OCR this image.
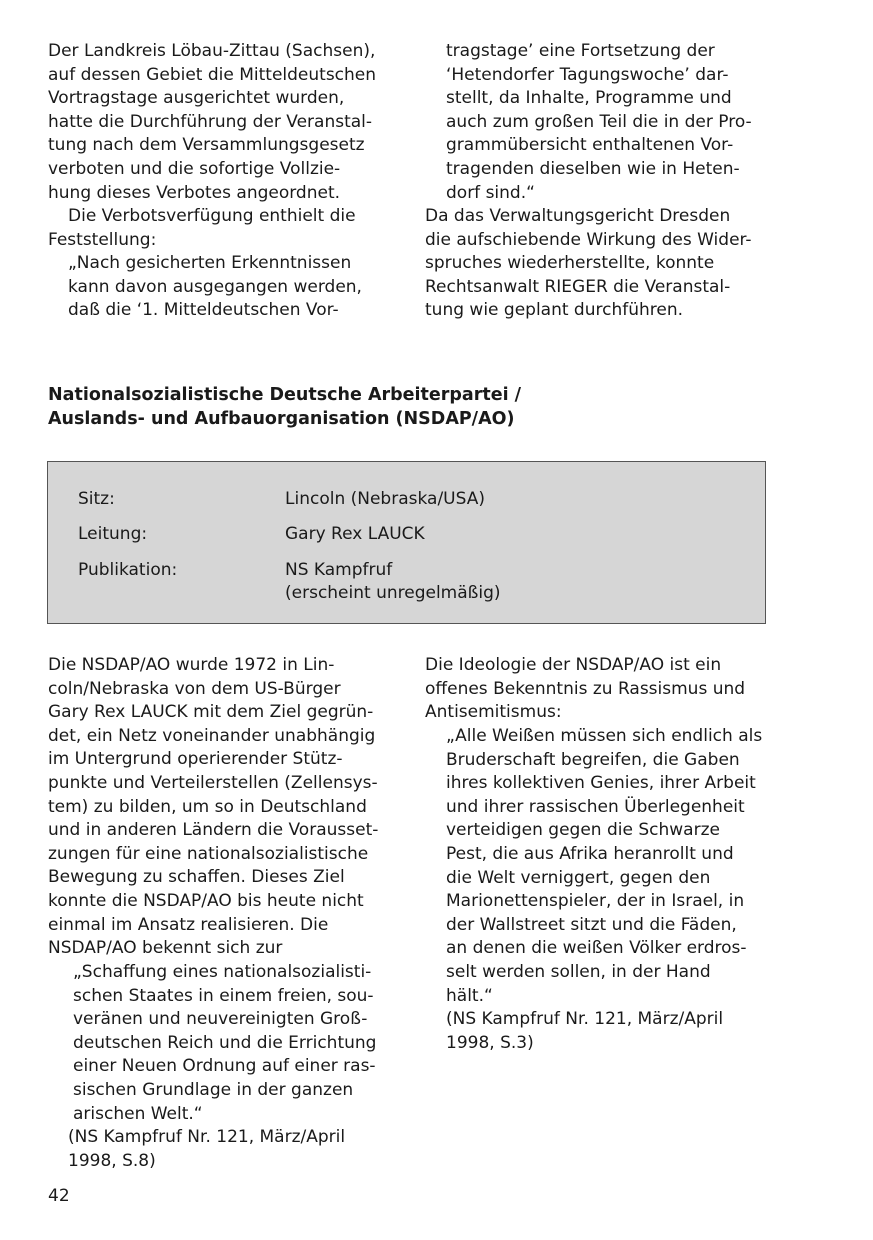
Der Landkreis Löbau-Zittau (Sachsen),
auf dessen Gebiet die Mitteldeutschen
Vortragstage ausgerichtet wurden,
hatte die Durchführung der Veranstal-
tung nach dem Versammlungsgesetz
verboten und die sofortige Vollzie-
hung dieses Verbotes angeordnet.
Die Verbotsverfügung enthielt die
Feststellung:
„Nach gesicherten Erkenntnissen
kann davon ausgegangen werden,
daß die ‘1. Mitteldeutschen Vor-
tragstage’ eine Fortsetzung der
‘Hetendorfer Tagungswoche’ dar-
stellt, da Inhalte, Programme und
auch zum großen Teil die in der Pro-
grammübersicht enthaltenen Vor-
tragenden dieselben wie in Heten-
dorf sind.“
Da das Verwaltungsgericht Dresden
die aufschiebende Wirkung des Wider-
spruches wiederherstellte, konnte
Rechtsanwalt RIEGER die Veranstal-
tung wie geplant durchführen.
Nationalsozialistische Deutsche Arbeiterpartei /
Auslands- und Aufbauorganisation (NSDAP/AO)
Sitz:	Lincoln (Nebraska/USA)
Leitung:	Gary Rex LAUCK
Publikation:	NS Kampfruf
(erscheint unregelmäßig)
Die NSDAP/AO wurde 1972 in Lin-
coln/Nebraska von dem US-Bürger
Gary Rex LAUCK mit dem Ziel gegrün-
det, ein Netz voneinander unabhängig
im Untergrund operierender Stütz-
punkte und Verteilerstellen (Zellensys-
tem) zu bilden, um so in Deutschland
und in anderen Ländern die Vorausset-
zungen für eine nationalsozialistische
Bewegung zu schaffen. Dieses Ziel
konnte die NSDAP/AO bis heute nicht
einmal im Ansatz realisieren. Die
NSDAP/AO bekennt sich zur
„Schaffung eines nationalsozialisti-
schen Staates in einem freien, sou-
veränen und neuvereinigten Groß-
deutschen Reich und die Errichtung
einer Neuen Ordnung auf einer ras-
sischen Grundlage in der ganzen
arischen Welt.“
(NS Kampfruf Nr. 121, März/April
1998, S.8)
Die Ideologie der NSDAP/AO ist ein
offenes Bekenntnis zu Rassismus und
Antisemitismus:
„Alle Weißen müssen sich endlich als
Bruderschaft begreifen, die Gaben
ihres kollektiven Genies, ihrer Arbeit
und ihrer rassischen Überlegenheit
verteidigen gegen die Schwarze
Pest, die aus Afrika heranrollt und
die Welt verniggert, gegen den
Marionettenspieler, der in Israel, in
der Wallstreet sitzt und die Fäden,
an denen die weißen Völker erdros-
selt werden sollen, in der Hand
hält.“
(NS Kampfruf Nr. 121, März/April
1998, S.3)
42
